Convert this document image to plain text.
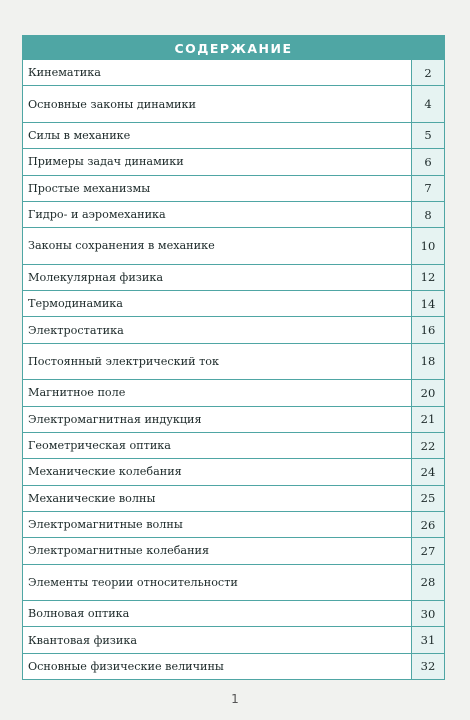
СОДЕРЖАНИЕ
Кинематика	2
Основные законы динамики	4
Силы в механике	5
Примеры задач динамики	6
Простые механизмы	7
Гидро- и аэромеханика	8
Законы сохранения в механике	10
Молекулярная физика	12
Термодинамика	14
Электростатика	16
Постоянный электрический ток	18
Магнитное поле	20
Электромагнитная индукция	21
Геометрическая оптика	22
Механические колебания	24
Механические волны	25
Электромагнитные волны	26
Электромагнитные колебания	27
Элементы теории относительности	28
Волновая оптика	30
Квантовая физика	31
Основные физические величины	32
1
